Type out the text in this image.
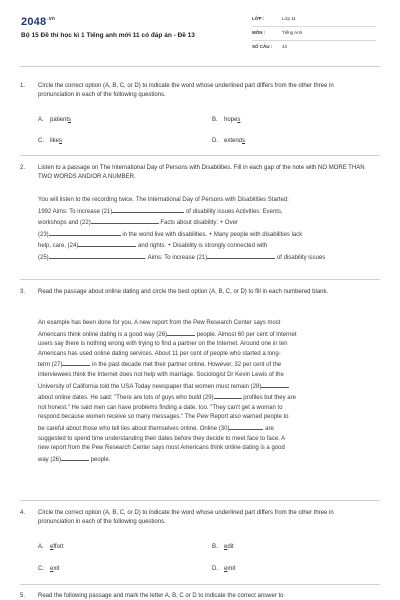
$2048^{.vn}$
Bộ 15 Đề thi học kì 1 Tiếng anh mới 11 có đáp án - Đề 13
LỚP :	Lớp 11
MÔN :	Tiếng Anh
SỐ CÂU : 43
1.	Circle the correct option (A, B, C, or D) to indicate the word whose underlined part differs from the other three in pronunciation in each of the following questions.
A. patients	B. hopes
C. likes	D. extends
2.	Listen to a passage on The International Day of Persons with Disabilities. Fill in each gap of the note with NO MORE THAN TWO WORDS AND/OR A NUMBER.
You will listen to the recording twice. The International Day of Persons with Disabilities Started:
1992 Aims: To increase (21)	of disability issues Activities: Events,
workshops and (22)	Facts about disability: + Over
(23)	in the world live with disabilities. + Many people with disabilities lack
help, care, (24)	and rights. + Disability is strongly connected with
(25)	. Aims: To increase (21)	of disability issues
3.	Read the passage about online dating and circle the best option (A, B, C, or D) to fill in each numbered blank.
An example has been done for you. A new report from the Pew Research Center says most
Americans think online dating is a good way (26)	people. Almost 60 per cent of Internet
users say there is nothing wrong with trying to find a partner on the Internet. Around one in ten
Americans has used online dating services. About 11 per cent of people who started a long-
term (27)	in the past decade met their partner online. However, 32 per cent of the
interviewees think the Internet does not help with marriage. Sociologist Dr Kevin Lewis of the
University of California told the USA Today newspaper that women must remain (28)
about online dates. He said: "There are lots of guys who build (29)	profiles but they are
not honest." He said men can have problems finding a date, too. "They can't get a woman to
respond because women receive so many messages." The Pew Report also warned people to
be careful about those who tell lies about themselves online. Online (30)	are
suggested to spend time understanding their dates before they decide to meet face to face. A
new report from the Pew Research Center says most Americans think online dating is a good
way (26)	people.
4.	Circle the correct option (A, B, C, or D) to indicate the word whose underlined part differs from the other three in pronunciation in each of the following questions.
A. effort	B. edit
C. exit	D. emit
5.	Read the following passage and mark the letter A, B, C or D to indicate the correct answer to
